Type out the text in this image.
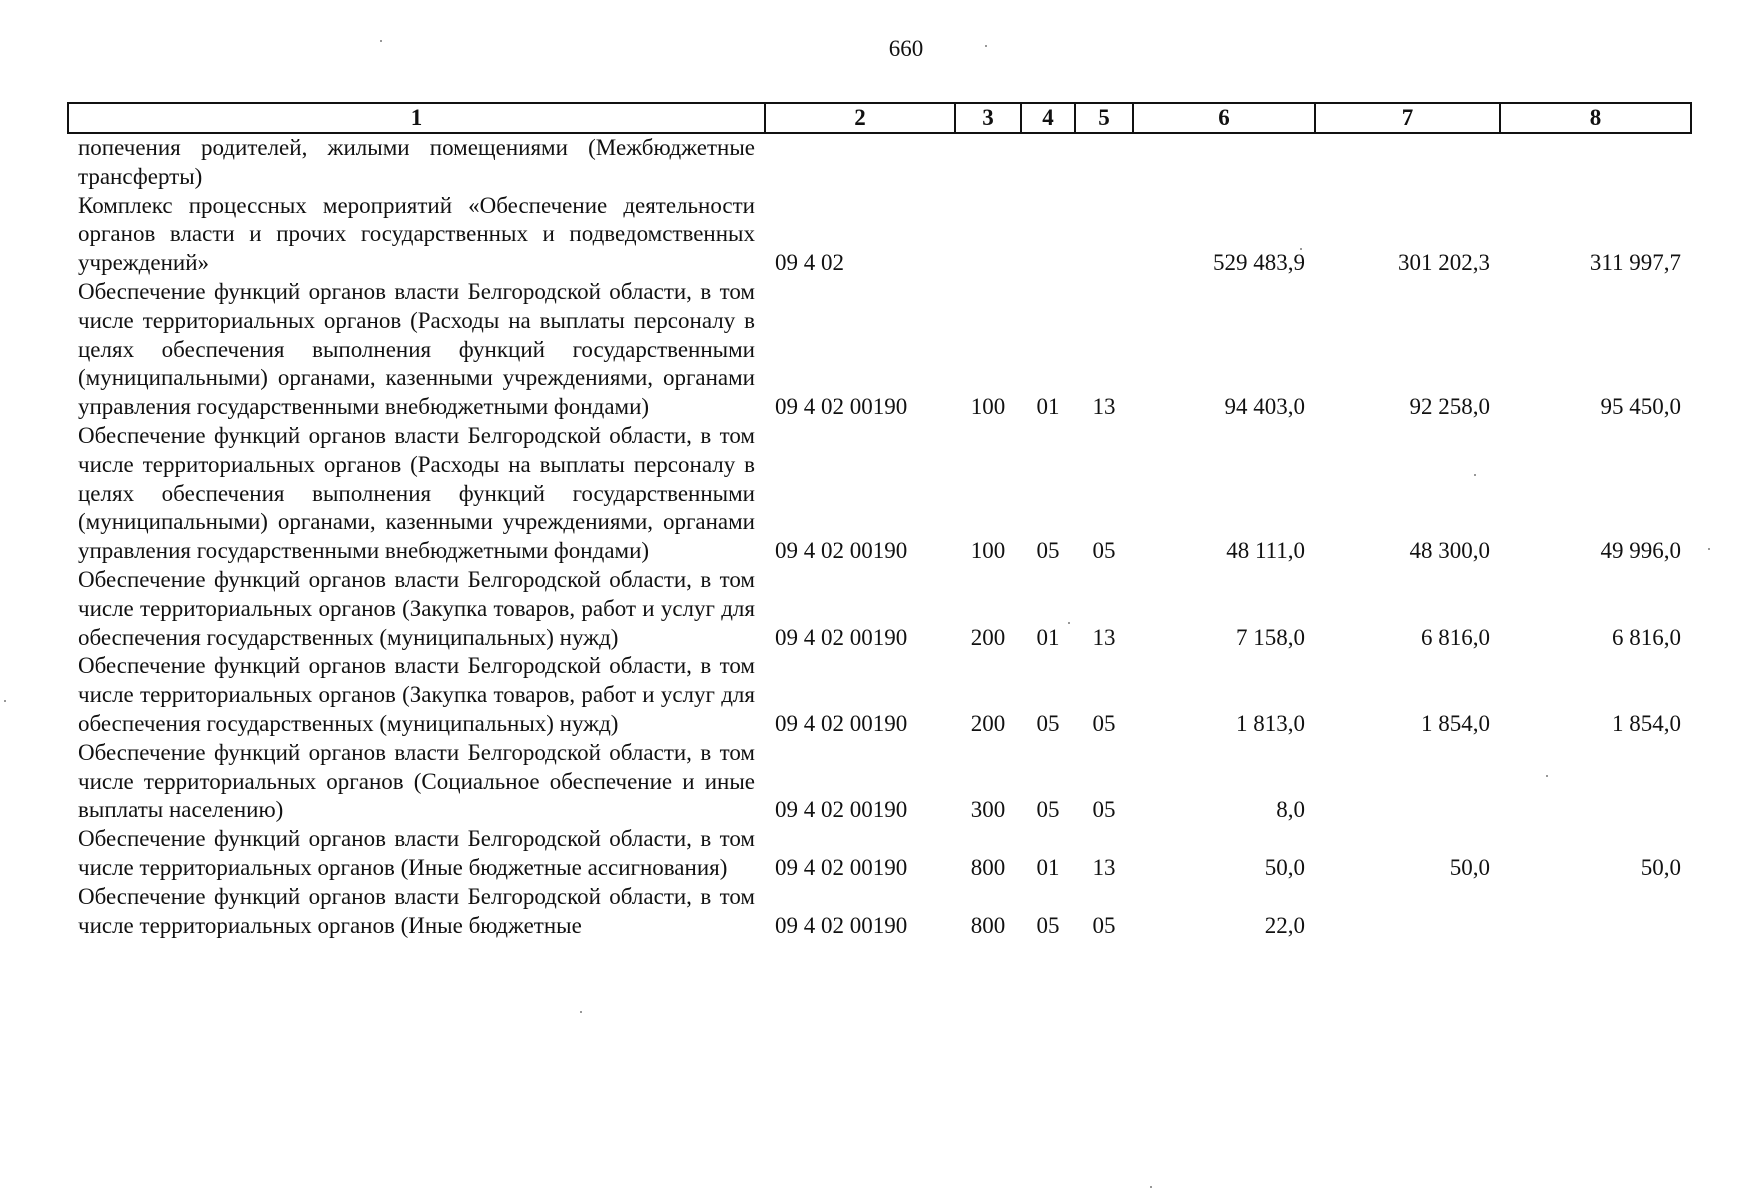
660
1	2	3	4	5	6	7	8
попечения родителей, жилыми помещениями (Межбюджетные трансферты)							
Комплекс процессных мероприятий «Обеспечение деятельности органов власти и прочих государственных и подведомственных учреждений»	09 4 02				529 483,9	301 202,3	311 997,7
Обеспечение функций органов власти Белгородской области, в том числе территориальных органов (Расходы на выплаты персоналу в целях обеспечения выполнения функций государственными (муниципальными) органами, казенными учреждениями, органами управления государственными внебюджетными фондами)	09 4 02 00190	100	01	13	94 403,0	92 258,0	95 450,0
Обеспечение функций органов власти Белгородской области, в том числе территориальных органов (Расходы на выплаты персоналу в целях обеспечения выполнения функций государственными (муниципальными) органами, казенными учреждениями, органами управления государственными внебюджетными фондами)	09 4 02 00190	100	05	05	48 111,0	48 300,0	49 996,0
Обеспечение функций органов власти Белгородской области, в том числе территориальных органов (Закупка товаров, работ и услуг для обеспечения государственных (муниципальных) нужд)	09 4 02 00190	200	01	13	7 158,0	6 816,0	6 816,0
Обеспечение функций органов власти Белгородской области, в том числе территориальных органов (Закупка товаров, работ и услуг для обеспечения государственных (муниципальных) нужд)	09 4 02 00190	200	05	05	1 813,0	1 854,0	1 854,0
Обеспечение функций органов власти Белгородской области, в том числе территориальных органов (Социальное обеспечение и иные выплаты населению)	09 4 02 00190	300	05	05	8,0		
Обеспечение функций органов власти Белгородской области, в том числе территориальных органов (Иные бюджетные ассигнования)	09 4 02 00190	800	01	13	50,0	50,0	50,0
Обеспечение функций органов власти Белгородской области, в том числе территориальных органов (Иные бюджетные	09 4 02 00190	800	05	05	22,0		
